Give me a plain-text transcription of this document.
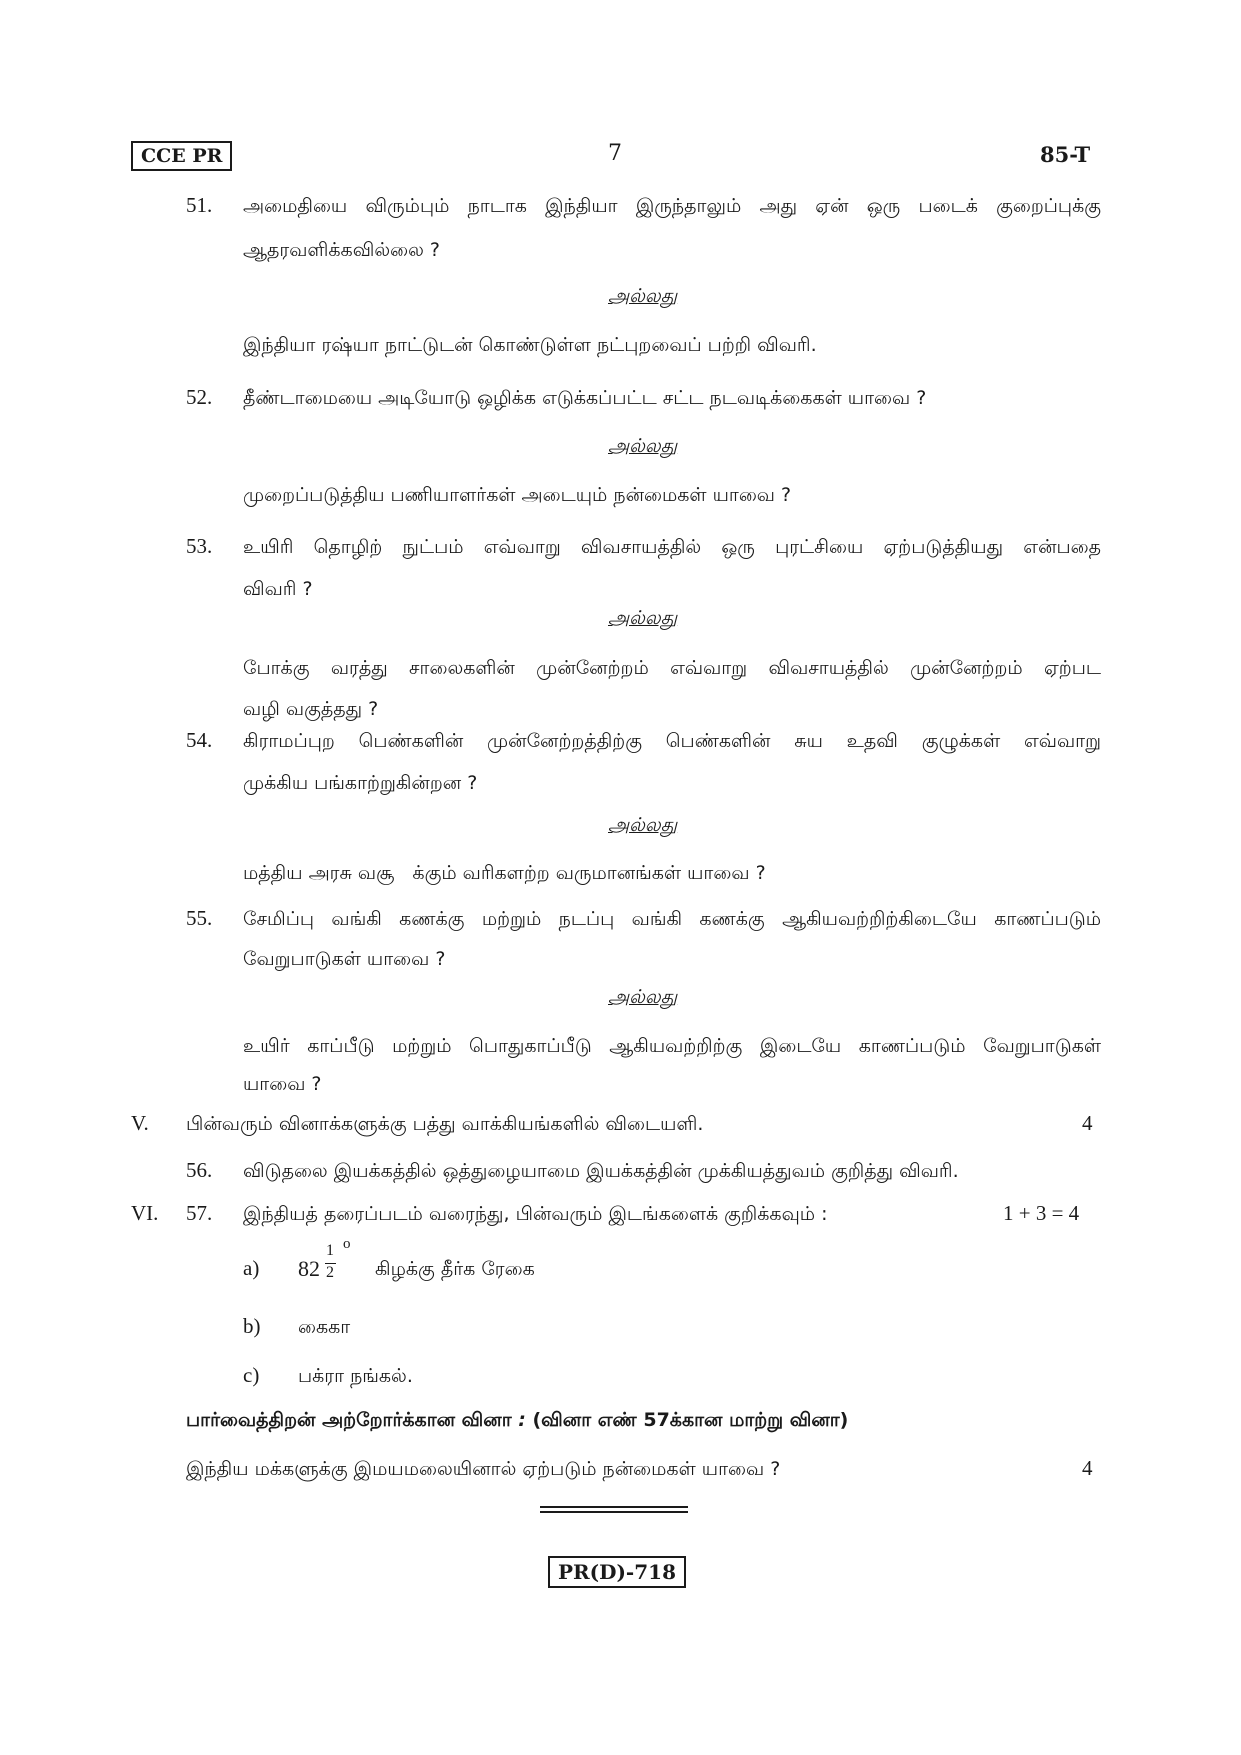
CCE PR	7	85-T
51. அமைதியை விரும்பும் நாடாக இந்தியா இருந்தாலும் அது ஏன் ஒரு படைக் குறைப்புக்கு
ஆதரவளிக்கவில்லை ?
அல்லது
இந்தியா ரஷ்யா நாட்டுடன் கொண்டுள்ள நட்புறவைப் பற்றி விவரி.
52. தீண்டாமையை அடியோடு ஒழிக்க எடுக்கப்பட்ட சட்ட நடவடிக்கைகள் யாவை ?
அல்லது
முறைப்படுத்திய பணியாளர்கள் அடையும் நன்மைகள் யாவை ?
53. உயிரி தொழிற் நுட்பம் எவ்வாறு விவசாயத்தில் ஒரு புரட்சியை ஏற்படுத்தியது என்பதை
விவரி ?
அல்லது
போக்கு வரத்து சாலைகளின் முன்னேற்றம் எவ்வாறு விவசாயத்தில் முன்னேற்றம் ஏற்பட
வழி வகுத்தது ?
54. கிராமப்புற பெண்களின் முன்னேற்றத்திற்கு பெண்களின் சுய உதவி குழுக்கள் எவ்வாறு
முக்கிய பங்காற்றுகின்றன ?
அல்லது
மத்திய அரசு வசூ   க்கும் வரிகளற்ற வருமானங்கள் யாவை ?
55. சேமிப்பு வங்கி கணக்கு மற்றும் நடப்பு வங்கி கணக்கு ஆகியவற்றிற்கிடையே காணப்படும்
வேறுபாடுகள் யாவை ?
அல்லது
உயிர் காப்பீடு மற்றும் பொதுகாப்பீடு ஆகியவற்றிற்கு இடையே காணப்படும் வேறுபாடுகள்
யாவை ?
V. பின்வரும் வினாக்களுக்கு பத்து வாக்கியங்களில் விடையளி.	4
56. விடுதலை இயக்கத்தில் ஒத்துழையாமை இயக்கத்தின் முக்கியத்துவம் குறித்து விவரி.
VI. 57. இந்தியத் தரைப்படம் வரைந்து, பின்வரும் இடங்களைக் குறிக்கவும் :	1 + 3 = 4
a) 82
1
2
o
கிழக்கு தீர்க ரேகை
b) கைகா
c) பக்ரா நங்கல்.
பார்வைத்திறன் அற்றோர்க்கான வினா : (வினா எண் 57க்கான மாற்று வினா)
இந்திய மக்களுக்கு இமயமலையினால் ஏற்படும் நன்மைகள் யாவை ?	4
PR(D)-718
